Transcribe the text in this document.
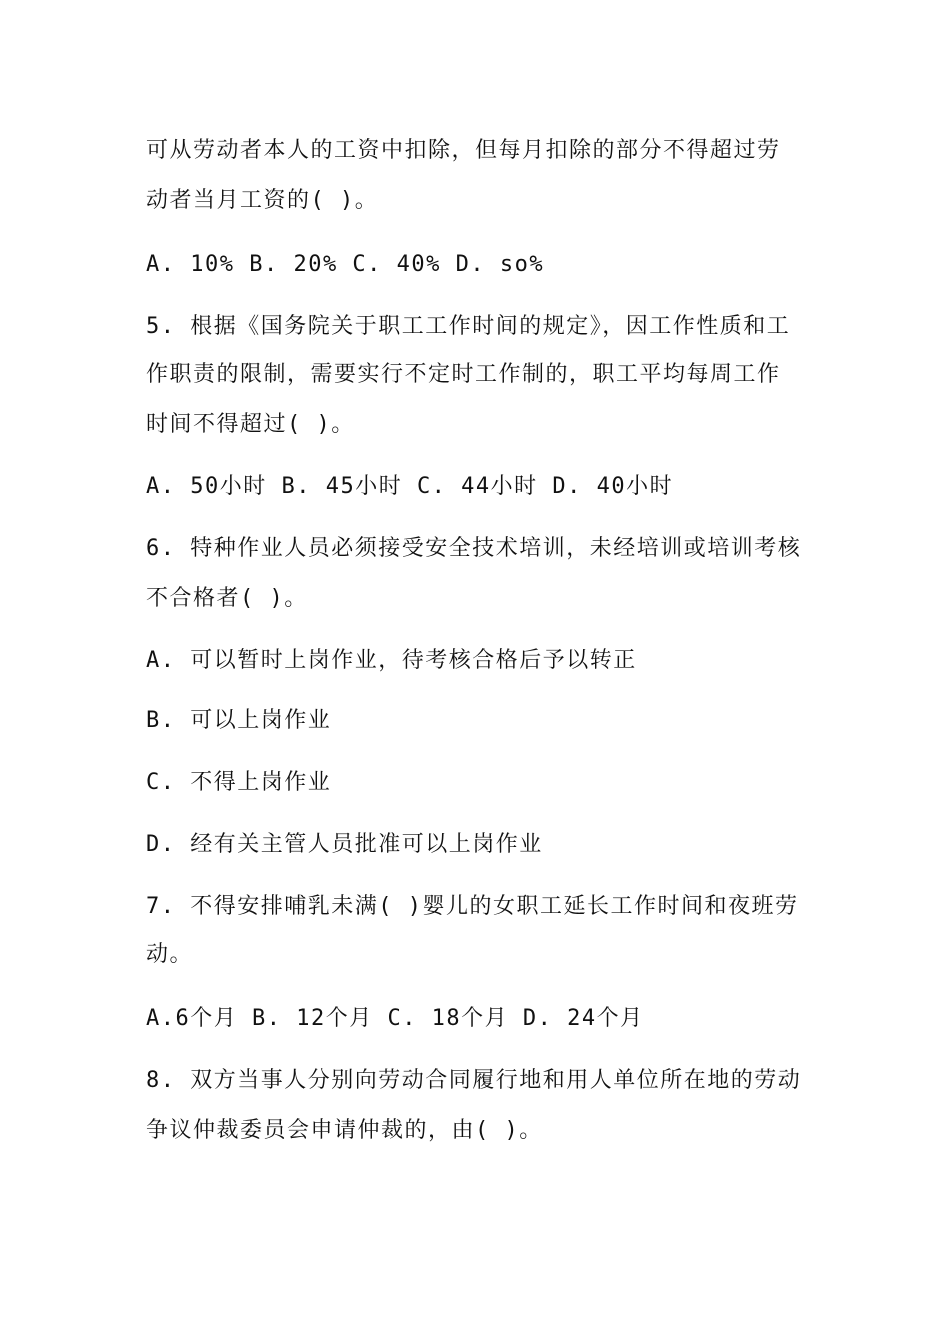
可从劳动者本人的工资中扣除，但每月扣除的部分不得超过劳
动者当月工资的( )。
A. 10% B. 20% C. 40% D. so%
5. 根据《国务院关于职工工作时间的规定》，因工作性质和工
作职责的限制，需要实行不定时工作制的，职工平均每周工作
时间不得超过( )。
A. 50小时 B. 45小时 C. 44小时 D. 40小时
6. 特种作业人员必须接受安全技术培训，未经培训或培训考核
不合格者( )。
A. 可以暂时上岗作业，待考核合格后予以转正
B. 可以上岗作业
C. 不得上岗作业
D. 经有关主管人员批准可以上岗作业
7. 不得安排哺乳未满( )婴儿的女职工延长工作时间和夜班劳
动。
A.6个月 B. 12个月 C. 18个月 D. 24个月
8. 双方当事人分别向劳动合同履行地和用人单位所在地的劳动
争议仲裁委员会申请仲裁的，由( )。
